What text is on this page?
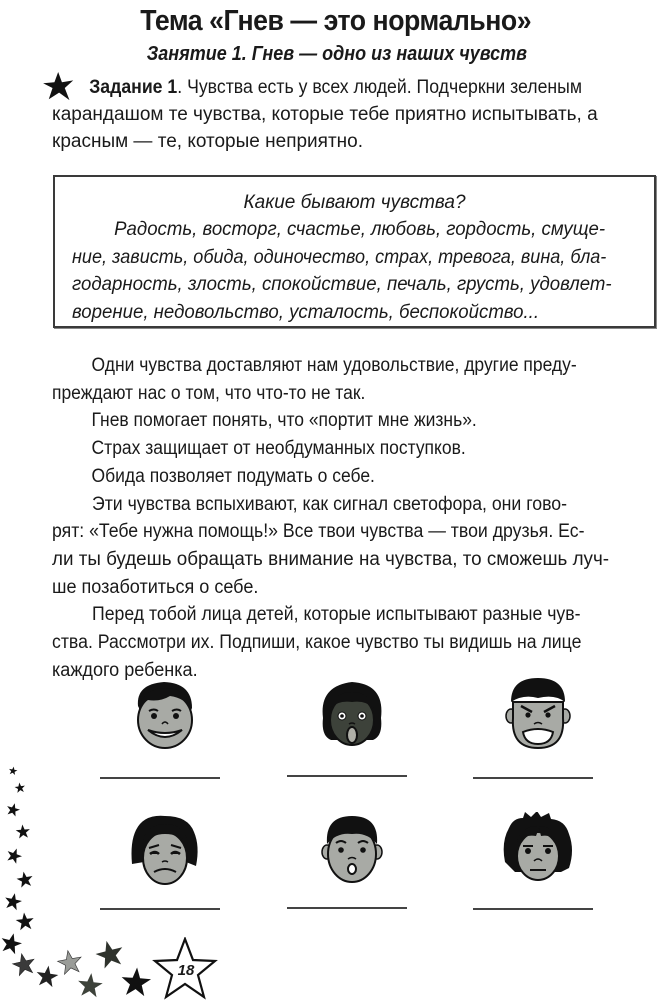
Тема «Гнев — это нормально»
Занятие 1. Гнев — одно из наших чувств
Задание 1. Чувства есть у всех людей. Подчеркни зеленым
карандашом те чувства, которые тебе приятно испытывать, а
красным — те, которые неприятно.
Какие бывают чувства?
Радость, восторг, счастье, любовь, гордость, смуще-
ние, зависть, обида, одиночество, страх, тревога, вина, бла-
годарность, злость, спокойствие, печаль, грусть, удовлет-
ворение, недовольство, усталость, беспокойство...
Одни чувства доставляют нам удовольствие, другие преду-
преждают нас о том, что что-то не так.
Гнев помогает понять, что «портит мне жизнь».
Страх защищает от необдуманных поступков.
Обида позволяет подумать о себе.
Эти чувства вспыхивают, как сигнал светофора, они гово-
рят: «Тебе нужна помощь!» Все твои чувства — твои друзья. Ес-
ли ты будешь обращать внимание на чувства, то сможешь луч-
ше позаботиться о себе.
Перед тобой лица детей, которые испытывают разные чув-
ства. Рассмотри их. Подпиши, какое чувство ты видишь на лице
каждого ребенка.
18
